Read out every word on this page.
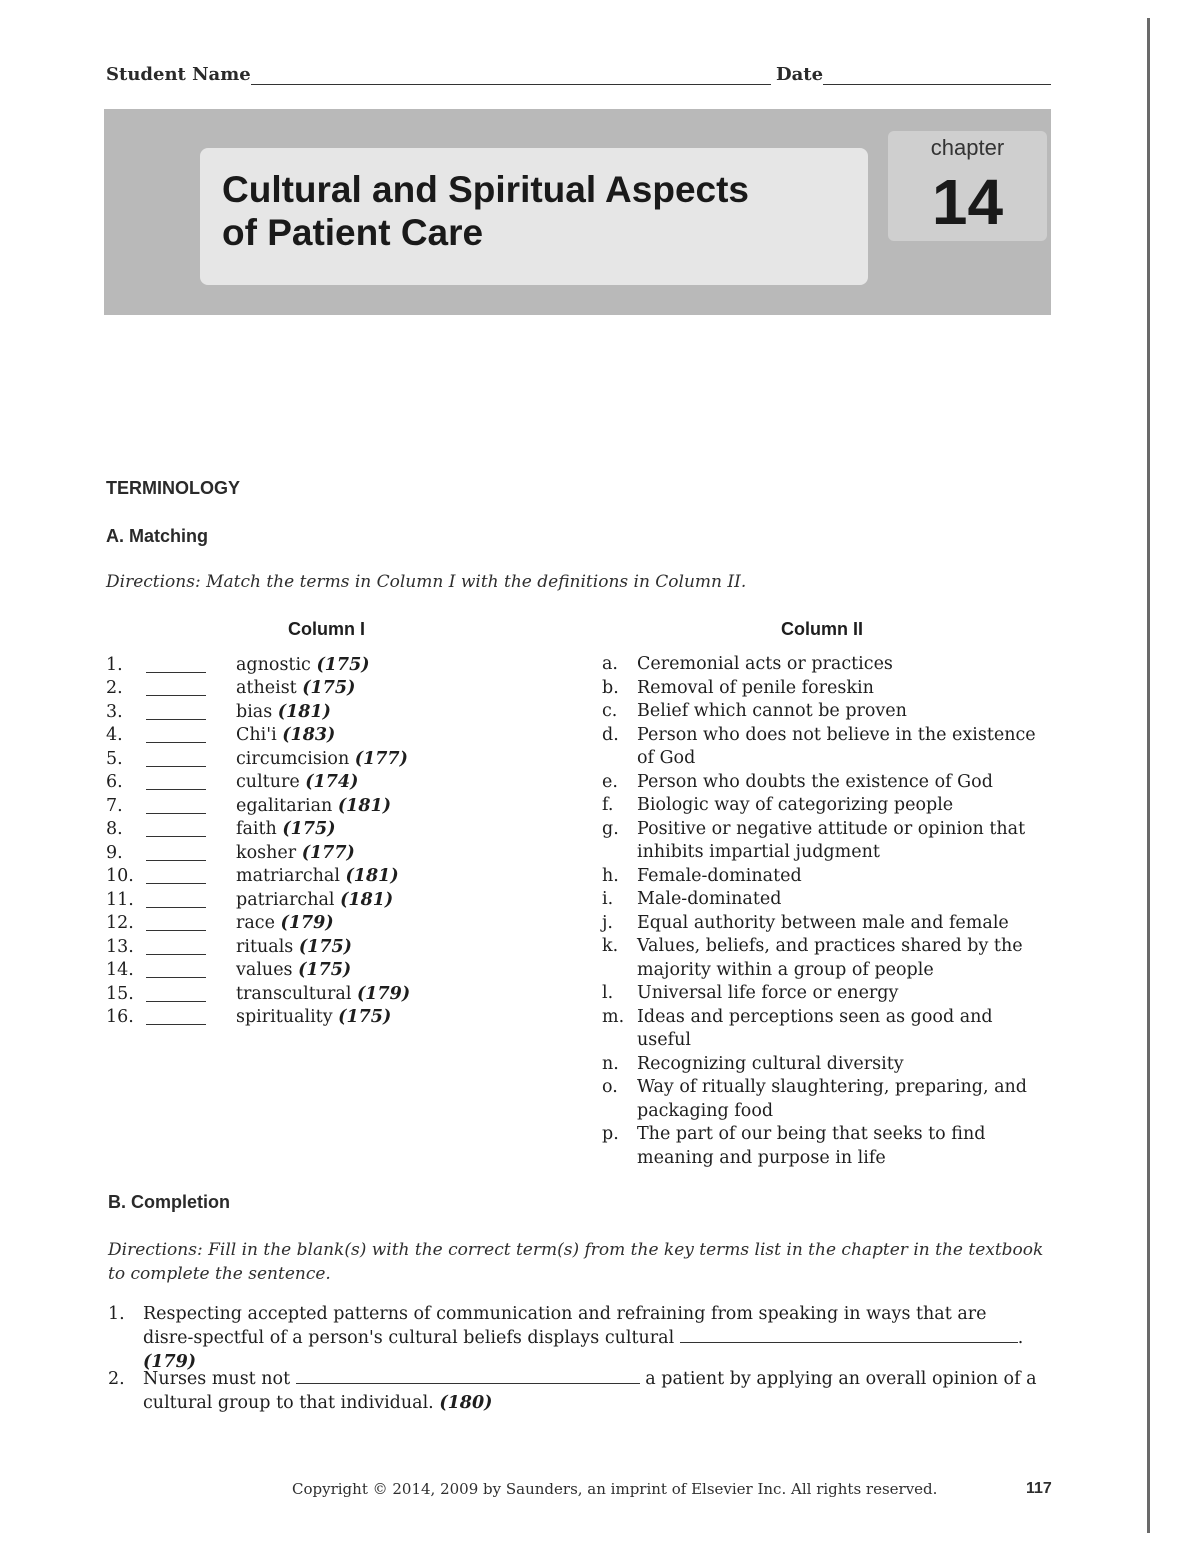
Student Name	Date
Cultural and Spiritual Aspects
of Patient Care
chapter
14
TERMINOLOGY
A. Matching
Directions: Match the terms in Column I with the definitions in Column II.
Column I	Column II
1.	agnostic (175)
2.	atheist (175)
3.	bias (181)
4.	Chi'i (183)
5.	circumcision (177)
6.	culture (174)
7.	egalitarian (181)
8.	faith (175)
9.	kosher (177)
10.	matriarchal (181)
11.	patriarchal (181)
12.	race (179)
13.	rituals (175)
14.	values (175)
15.	transcultural (179)
16.	spirituality (175)
a.	Ceremonial acts or practices
b.	Removal of penile foreskin
c.	Belief which cannot be proven
d.	Person who does not believe in the existence of God
e.	Person who doubts the existence of God
f.	Biologic way of categorizing people
g.	Positive or negative attitude or opinion that inhibits impartial judgment
h.	Female-dominated
i.	Male-dominated
j.	Equal authority between male and female
k.	Values, beliefs, and practices shared by the majority within a group of people
l.	Universal life force or energy
m. Ideas and perceptions seen as good and useful
n.	Recognizing cultural diversity
o.	Way of ritually slaughtering, preparing, and packaging food
p.	The part of our being that seeks to find meaning and purpose in life
B. Completion
Directions: Fill in the blank(s) with the correct term(s) from the key terms list in the chapter in the textbook to complete the sentence.
1.	Respecting accepted patterns of communication and refraining from speaking in ways that are disre-spectful of a person's cultural beliefs displays cultural	. (179)
2.	Nurses must not	a patient by applying an overall opinion of a cultural group to that individual. (180)
Copyright © 2014, 2009 by Saunders, an imprint of Elsevier Inc. All rights reserved.	117
